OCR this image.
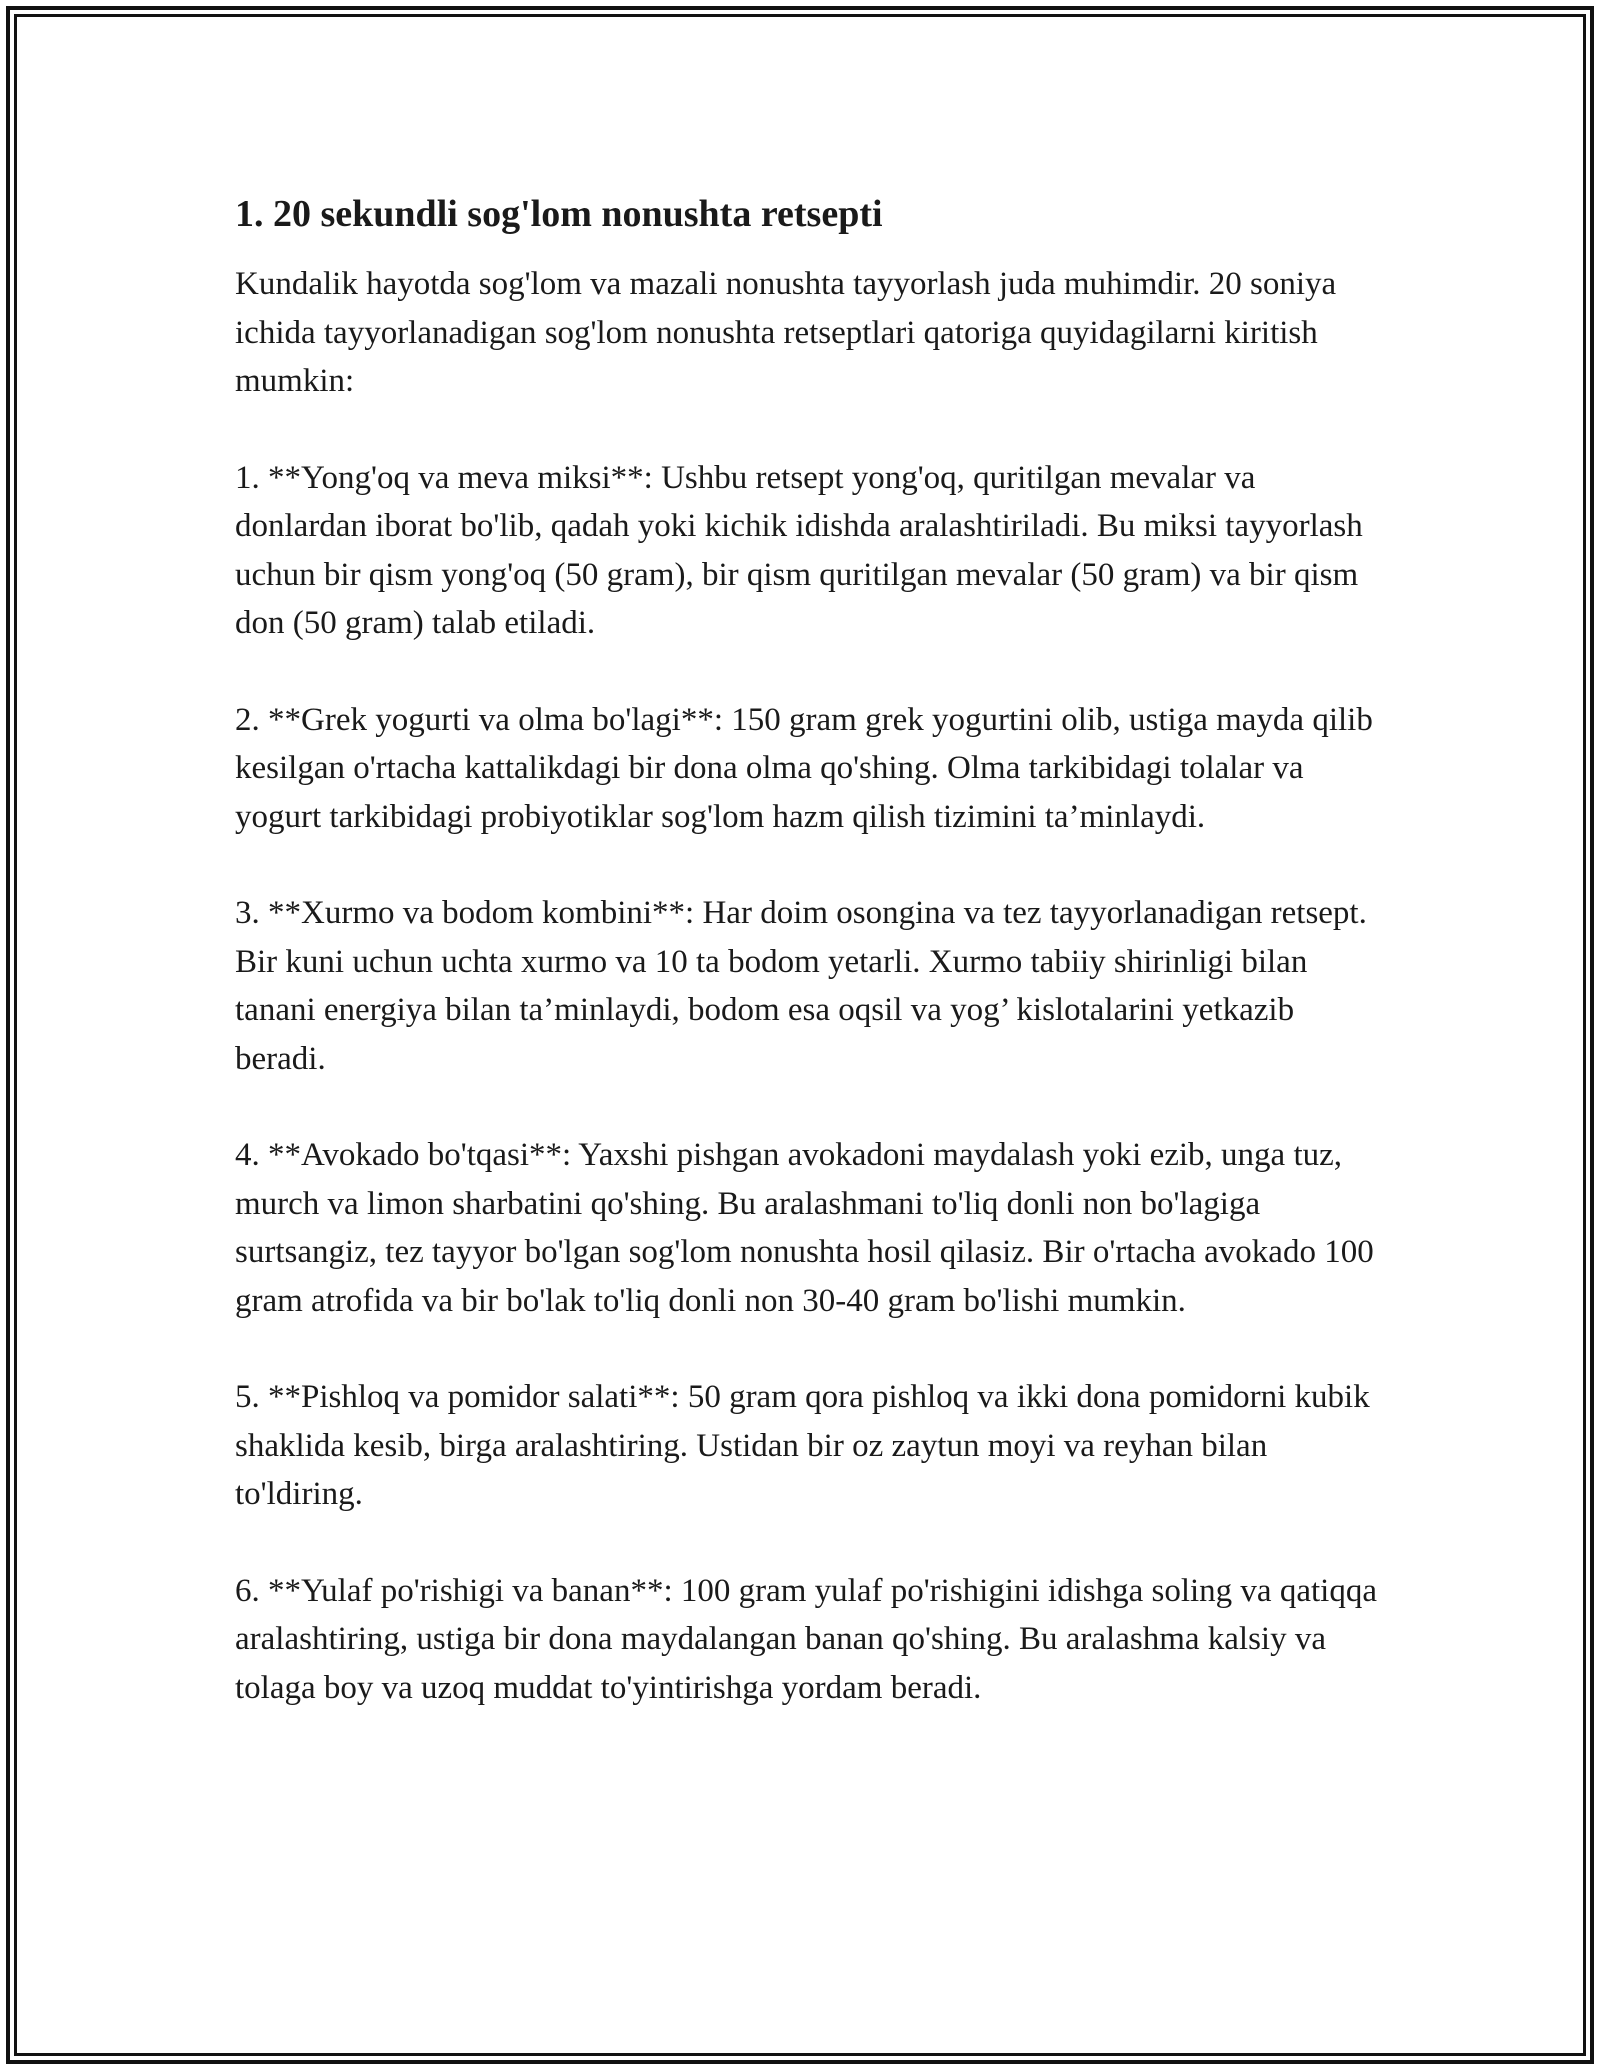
1. 20 sekundli sog'lom nonushta retsepti

Kundalik hayotda sog'lom va mazali nonushta tayyorlash juda muhimdir. 20 soniya ichida tayyorlanadigan sog'lom nonushta retseptlari qatoriga quyidagilarni kiritish mumkin:

1. **Yong'oq va meva miksi**: Ushbu retsept yong'oq, quritilgan mevalar va donlardan iborat bo'lib, qadah yoki kichik idishda aralashtiriladi. Bu miksi tayyorlash uchun bir qism yong'oq (50 gram), bir qism quritilgan mevalar (50 gram) va bir qism don (50 gram) talab etiladi.

2. **Grek yogurti va olma bo'lagi**: 150 gram grek yogurtini olib, ustiga mayda qilib kesilgan o'rtacha kattalikdagi bir dona olma qo'shing. Olma tarkibidagi tolalar va yogurt tarkibidagi probiyotiklar sog'lom hazm qilish tizimini ta’minlaydi.

3. **Xurmo va bodom kombini**: Har doim osongina va tez tayyorlanadigan retsept. Bir kuni uchun uchta xurmo va 10 ta bodom yetarli. Xurmo tabiiy shirinligi bilan tanani energiya bilan ta’minlaydi, bodom esa oqsil va yog’ kislotalarini yetkazib beradi.

4. **Avokado bo'tqasi**: Yaxshi pishgan avokadoni maydalash yoki ezib, unga tuz, murch va limon sharbatini qo'shing. Bu aralashmani to'liq donli non bo'lagiga surtsangiz, tez tayyor bo'lgan sog'lom nonushta hosil qilasiz. Bir o'rtacha avokado 100 gram atrofida va bir bo'lak to'liq donli non 30-40 gram bo'lishi mumkin.

5. **Pishloq va pomidor salati**: 50 gram qora pishloq va ikki dona pomidorni kubik shaklida kesib, birga aralashtiring. Ustidan bir oz zaytun moyi va reyhan bilan to'ldiring.

6. **Yulaf po'rishigi va banan**: 100 gram yulaf po'rishigini idishga soling va qatiqqa aralashtiring, ustiga bir dona maydalangan banan qo'shing. Bu aralashma kalsiy va tolaga boy va uzoq muddat to'yintirishga yordam beradi.
